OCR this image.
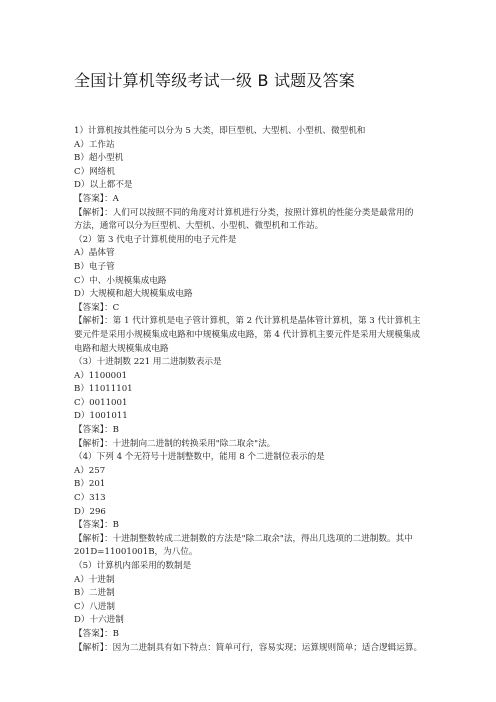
全国计算机等级考试一级 B 试题及答案
1）计算机按其性能可以分为 5 大类，即巨型机、大型机、小型机、微型机和
A）工作站
B）超小型机
C）网络机
D）以上都不是
【答案】：A
【解析】：人们可以按照不同的角度对计算机进行分类，按照计算机的性能分类是最常用的
方法，通常可以分为巨型机、大型机、小型机、微型机和工作站。
（2）第 3 代电子计算机使用的电子元件是
A）晶体管
B）电子管
C）中、小规模集成电路
D）大规模和超大规模集成电路
【答案】：C
【解析】：第 1 代计算机是电子管计算机，第 2 代计算机是晶体管计算机，第 3 代计算机主
要元件是采用小规模集成电路和中规模集成电路，第 4 代计算机主要元件是采用大规模集成
电路和超大规模集成电路
（3）十进制数 221 用二进制数表示是
A）1100001
B）11011101
C）0011001
D）1001011
【答案】：B
【解析】：十进制向二进制的转换采用"除二取余"法。
（4）下列 4 个无符号十进制整数中，能用 8 个二进制位表示的是
A）257
B）201
C）313
D）296
【答案】：B
【解析】：十进制整数转成二进制数的方法是"除二取余"法，得出几选项的二进制数。其中
201D=11001001B，为八位。
（5）计算机内部采用的数制是
A）十进制
B）二进制
C）八进制
D）十六进制
【答案】：B
【解析】：因为二进制具有如下特点：简单可行，容易实现；运算规则简单；适合逻辑运算。
